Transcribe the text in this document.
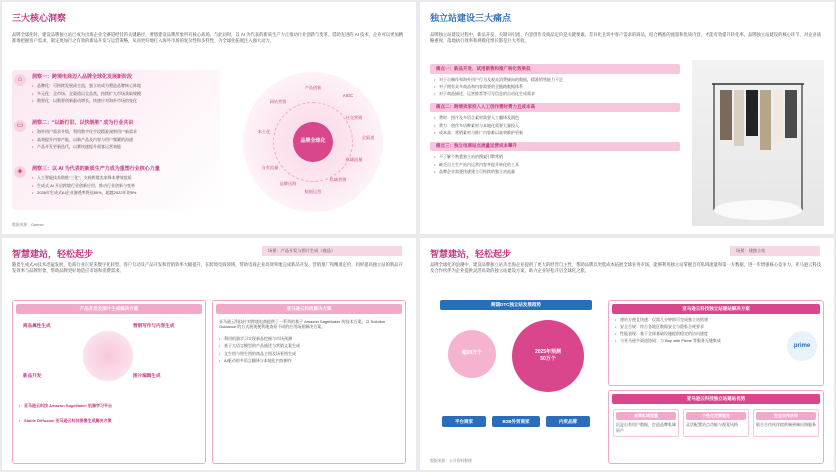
三大核心洞察
品牌全球化时，建设品牌独立站已成为出海企业全赛道经营的关键路径，要想建设品牌形象所有核心战场。与此同时，以 AI 为代表的新质生产力正推动行业创新与变革。借助先进的 AI 技术，企业可以更加精准地把握客户需求，制定更加行之有效的新品开发与运营策略，从而更好地打入海外市场的复杂性和多样性，为全球化拓展注入强大动力。
⌂ 洞察一：跨境电商迈入品牌全球化发展新阶段
• 品牌化：可持续发展成主流，独立站成为塑造品牌核心阵地
• 多元化：全市场、全渠道以全品类，持续扩大市场获取规模
• 数智化：以数智创新驱动增长，快速应对海外市场的变化
▭ 洞察二：“以新打旧、以快制胜” 成为行业共识
• 海外用户需求升级，利用数字化手段精准洞察用户新需求
• 高效提升内容产能，以新产品及内容与用户频繁的沟通
• 产品开发更新迭代，以赛快速提升面客运营效能
◈ 洞察三：以 AI 为代表的新质生产力成为重塑行业核心力量
• 人工智能技术助推“三化”，支持跨境卖家降本增效提质
• 生成式 AI 开启跨境行业创新应用，推动行业创新与变革
• 2026年生成式AI企业渗透率将达80%，超越2022年的5%
品牌全球化
产品创新
AIGC
网站营销
社交营销
全渠道
私域流量
私域营销
数据运营
本土化
自有流量
品牌出海
数据来源：Gartner
独立站建设三大痛点
品牌独立站建设过程中，新品开发、关键词引流、内容创作及商品定价是关键要素。差异化且切中客户需求的商品，结合精准的流量和优质内容，才能有效提升转化率。品牌独立站建设的核心环节，对企业战略重视、落地执行效率和规模化增长都是巨大考验。
痛点一：新品开发、试用销售和推广转化效果低
• 对于自制作和海外用户行为及观众消费倾向的数据，精准销售能力不足
• 对于拥有众多商品和内容需要的全链路数据体系
• 对于商品描述、运营推荐等可写信息的自动化生成需求
痛点二：跨境卖家投入人工创作费时费力且成本高
• 费时：图片及多语言素材需要人工翻译及润色
• 费力：创作多语种素材与本地化需要大量投入
• 成本高：营销素材与推广内容难以高效维护更新
痛点三：独立电商站点流量运营成本攀升
• 不了解不熟悉独立站的搜索引擎营销
• 缺乏自主生产站内运营内容并提升转化的工具
• 品牌企业需要快速建立可持续的独立站流量
智慧建站，轻松起步	场景：产品开发与图片生成（商品）
随着生成式AI技术迅猛发展，电商行业正迎来数字化转型。客户互动及产品开发和营销效率大幅提升，在跨境电商领域，帮助电商企业高效率地完成新品开发、营销推广和精准定价，同时提高独立站的新品开发效率与品牌形象，帮助品牌更好地适应市场和消费需求。
产品开发及图片生成解决方案
商品属性生成	营销写作与内容生成
新品开发	图片编辑生成
• 亚马逊云科技 Amazon SageMaker 机器学习平台
• Stable Diffusion 亚马逊云科技图像生成解决方案
亚马逊云科技解决方案
亚马逊云科技针对跨境电商提供了一系列的基于 Amazon SageMaker 的技术方案，以 Solution Guidance 的方式展现便利地查看不同的应用场景解决方案。
• 利用机器学习实现新品挖掘与市场预测
• 基于大语言模型的产品描述与营销文案生成
• 文生图与图生图的商品主图及场景图生成
• AI驱动的多语言翻译与本地化内容制作
智慧建站，轻松起步	场景：建独立站
品牌全球化的浪潮中，建设品牌独立站为出海企业提供了更大的经营自主性，帮助品牌以更低成本拓展全球业务市场，能够利用独立站掌握自有私域流量和第一方数据，进一步增强核心竞争力。亚马逊云科技及合作伙伴为企业提供灵活高效的独立站建设方案，助力企业轻松开启全球化之旅。
跨国DTC独立站发展趋势
超20万个	2025年预测
50万个
平台商家	B2B外贸商家	内贸品牌
亚马逊云科技独立站建站解决方案
• 建站方便且快速：仅需几分钟即可完成独立站搭建
• 安全合规：符合各地区数据安全与隐私合规要求
• 性能表现：基于全球基础设施提供稳定的访问速度
• 与亚马逊多渠道协同：与 Buy with Prime 等服务无缝集成
prime
亚马逊云科技独立站建站优势
品牌私域流量
沉淀自有用户数据，打造品牌私域资产
个性化定制服务
灵活配置站点功能与视觉风格
生态合作伙伴
联合合作伙伴提供端到端出海服务
数据来源：公开资料整理
